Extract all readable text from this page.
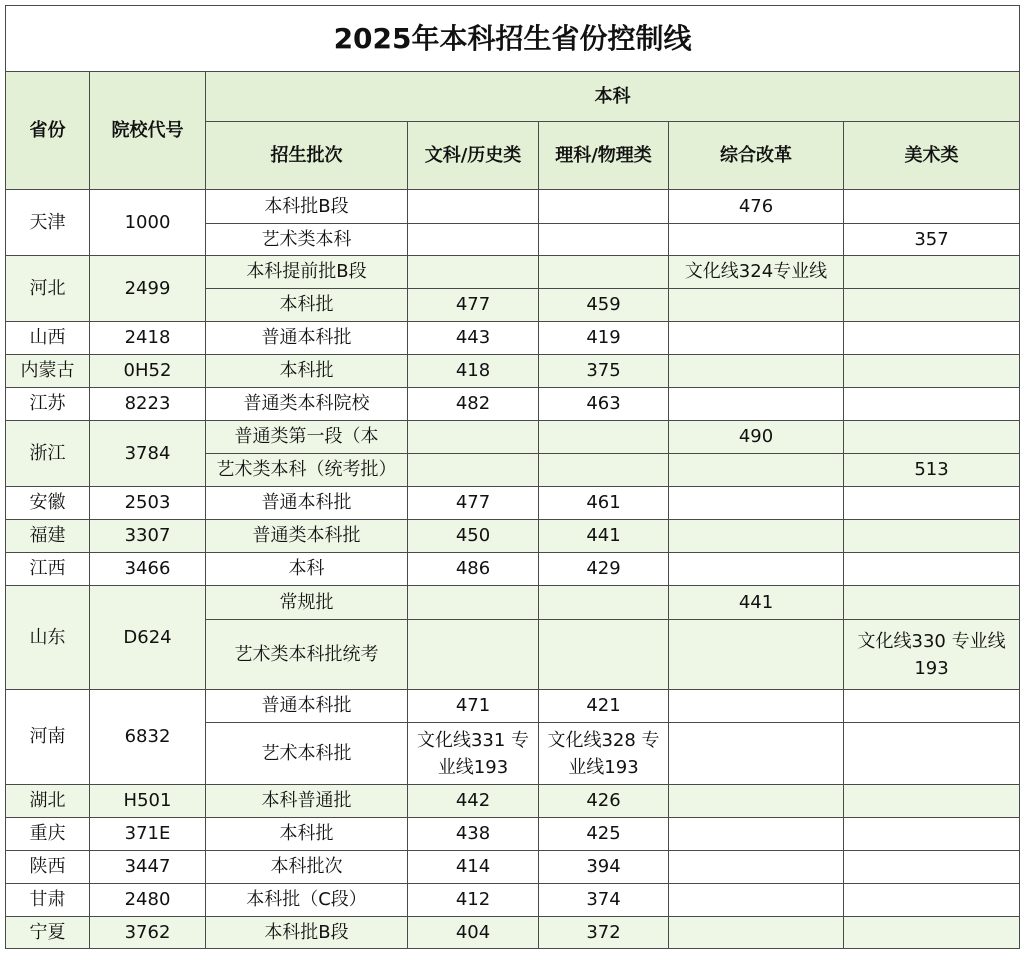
2025年本科招生省份控制线						
省份	院校代号	本科				
		招生批次	文科/历史类	理科/物理类	综合改革	美术类
天津	1000	本科批B段			476	
		艺术类本科				357
河北	2499	本科提前批B段			文化线324专业线	
		本科批	477	459		
山西	2418	普通本科批	443	419		
内蒙古	0H52	本科批	418	375		
江苏	8223	普通类本科院校	482	463		
浙江	3784	普通类第一段（本			490	
		艺术类本科（统考批）				513
安徽	2503	普通本科批	477	461		
福建	3307	普通类本科批	450	441		
江西	3466	本科	486	429		
山东	D624	常规批			441	
		艺术类本科批统考				文化线330 专业线193
河南	6832	普通本科批	471	421		
		艺术本科批	文化线331 专业线193	文化线328 专业线193		
湖北	H501	本科普通批	442	426		
重庆	371E	本科批	438	425		
陕西	3447	本科批次	414	394		
甘肃	2480	本科批（C段）	412	374		
宁夏	3762	本科批B段	404	372		
